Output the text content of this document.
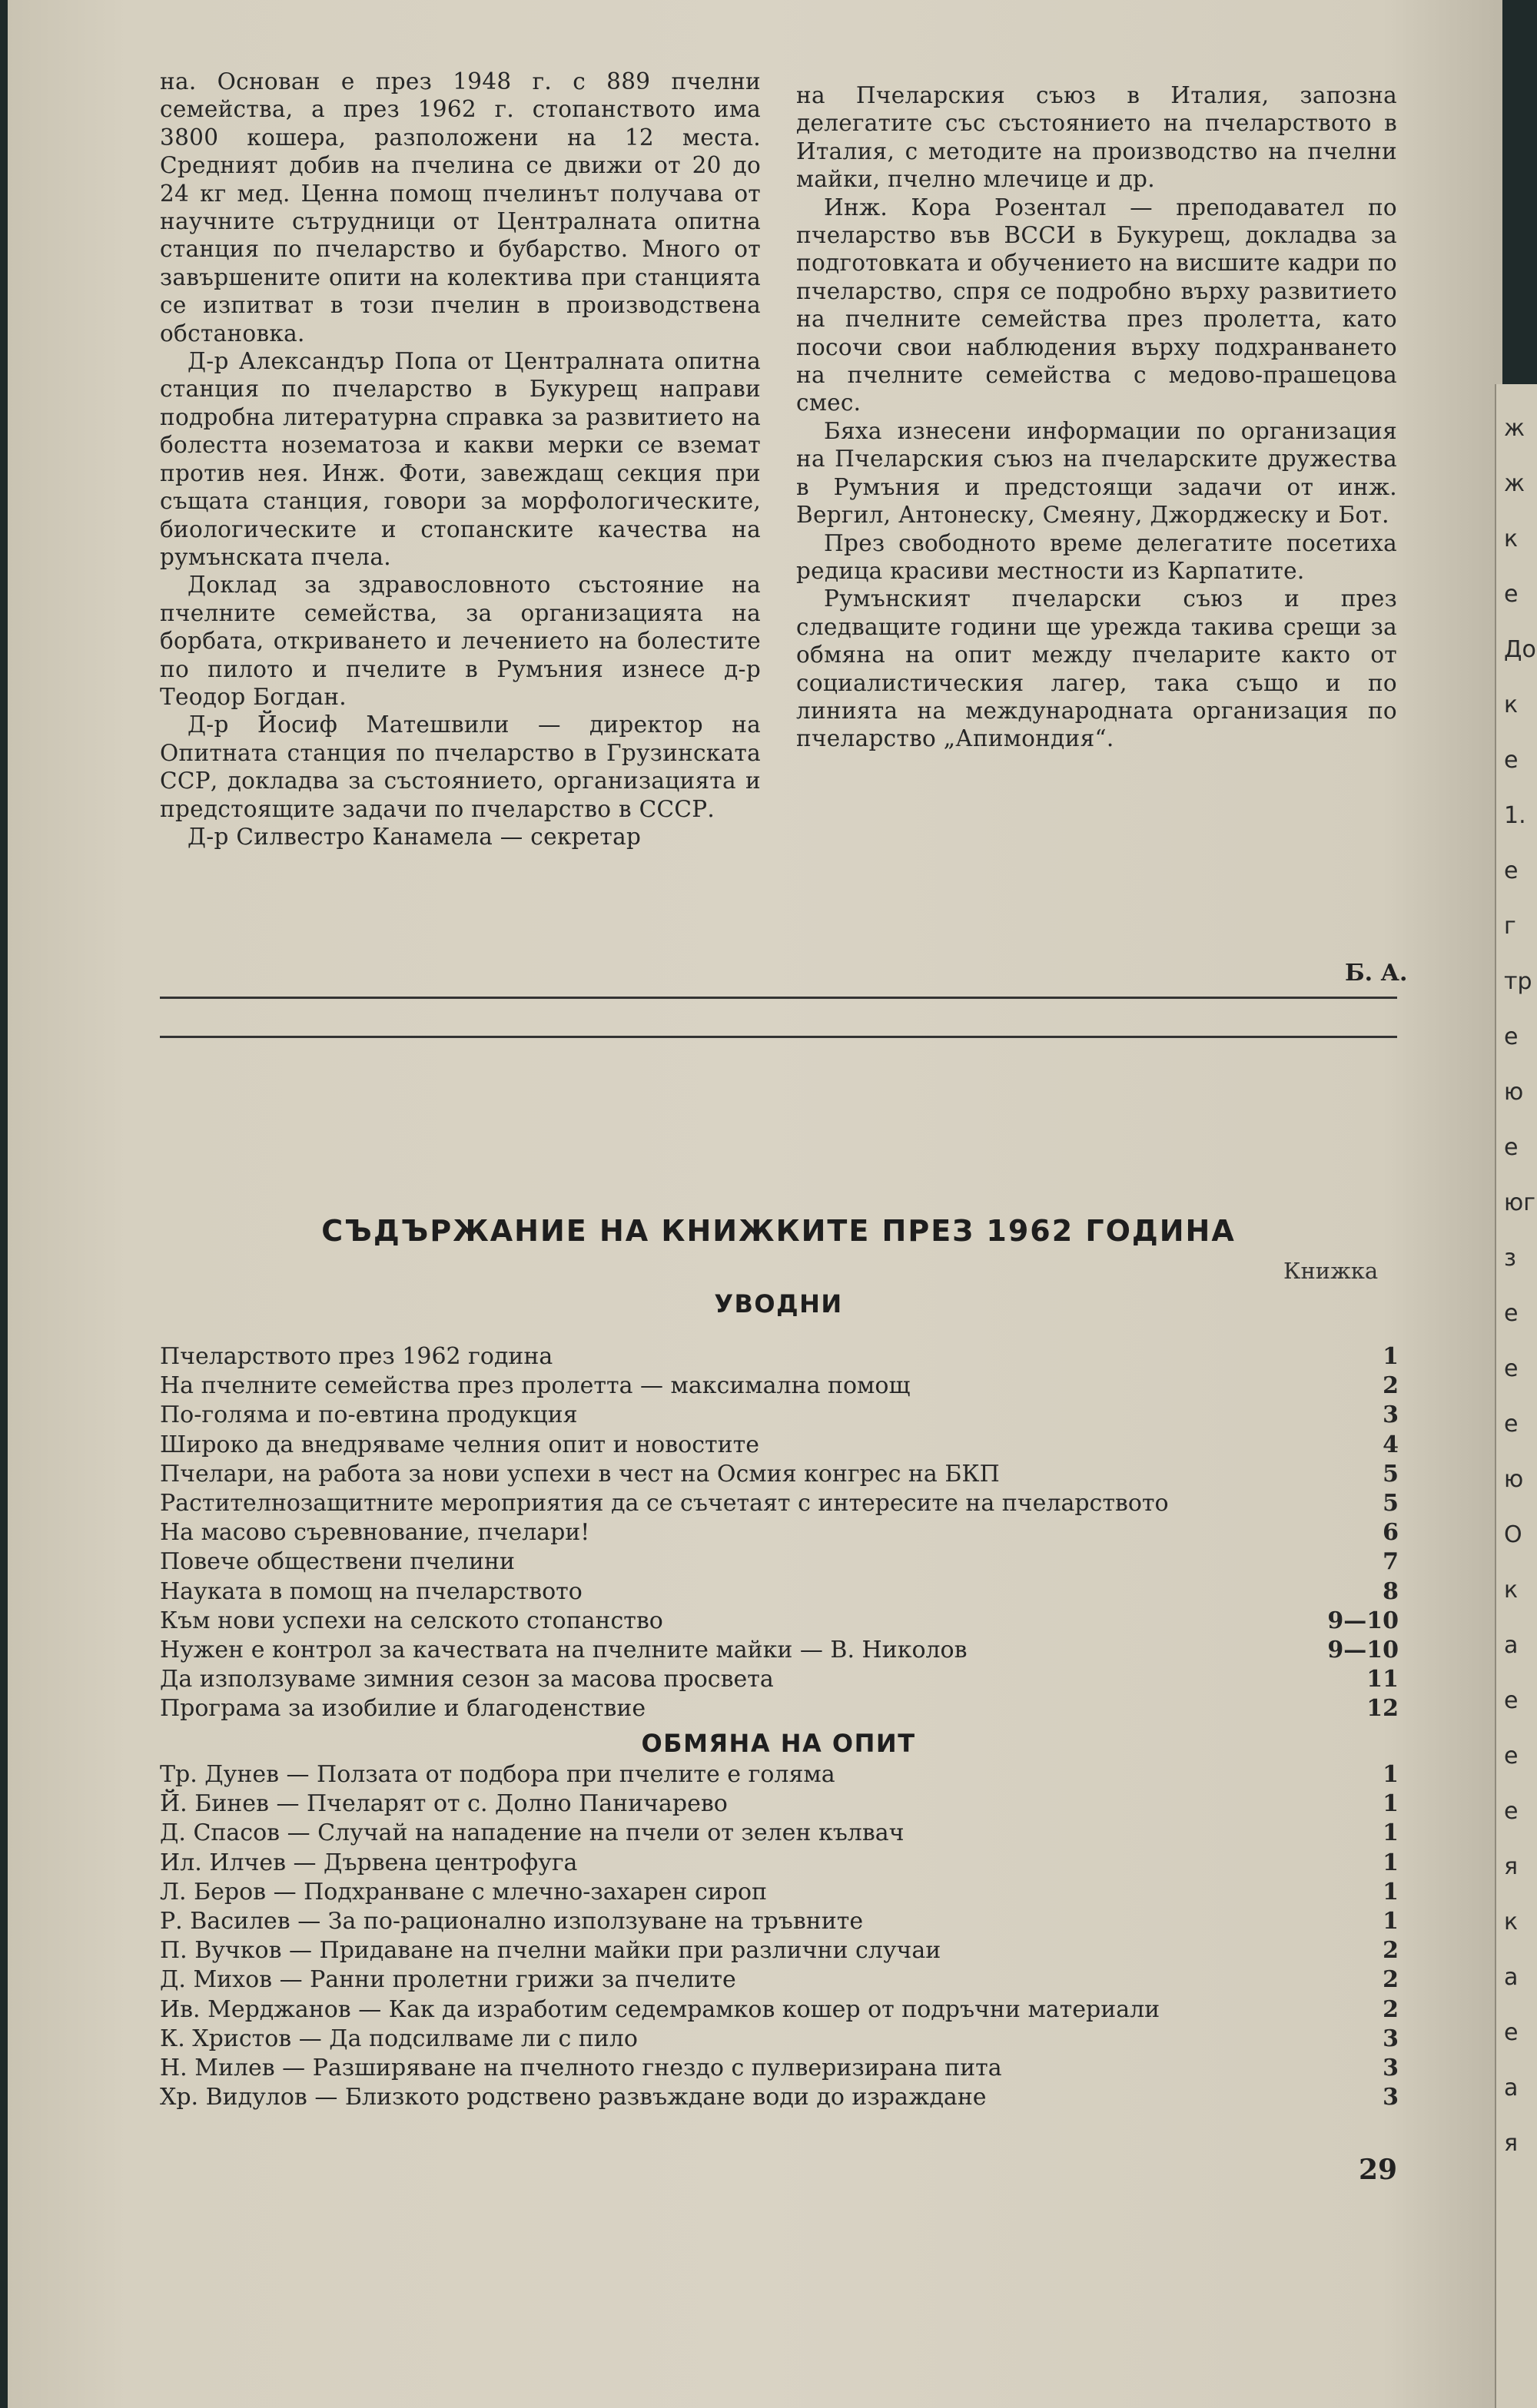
на. Основан е през 1948 г. с 889 пчелни семейства, а през 1962 г. стопанството има 3800 кошера, разположени на 12 места. Средният добив на пчелина се движи от 20 до 24 кг мед. Ценна помощ пчелинът получава от научните сътрудници от Централната опитна станция по пчеларство и бубарство. Много от завършените опити на колектива при станцията се изпитват в този пчелин в производствена обстановка.

Д-р Александър Попа от Централната опитна станция по пчеларство в Букурещ направи подробна литературна справка за развитието на болестта нозематоза и какви мерки се вземат против нея. Инж. Фоти, завеждащ секция при същата станция, говори за морфологическите, биологическите и стопанските качества на румънската пчела.

Доклад за здравословното състояние на пчелните семейства, за организацията на борбата, откриването и лечението на болестите по пилото и пчелите в Румъния изнесе д-р Теодор Богдан.

Д-р Йосиф Матешвили — директор на Опитната станция по пчеларство в Грузинската ССР, докладва за състоянието, организацията и предстоящите задачи по пчеларство в СССР.

Д-р Силвестро Канамела — секретар

на Пчеларския съюз в Италия, запозна делегатите със състоянието на пчеларството в Италия, с методите на производство на пчелни майки, пчелно млечице и др.

Инж. Кора Розентал — преподавател по пчеларство във ВССИ в Букурещ, докладва за подготовката и обучението на висшите кадри по пчеларство, спря се подробно върху развитието на пчелните семейства през пролетта, като посочи свои наблюдения върху подхранването на пчелните семейства с медово-прашецова смес.

Бяха изнесени информации по организация на Пчеларския съюз на пчеларските дружества в Румъния и предстоящи задачи от инж. Вергил, Антонеску, Смеяну, Джорджеску и Бот.

През свободното време делегатите посетиха редица красиви местности из Карпатите.

Румънският пчеларски съюз и през следващите години ще урежда такива срещи за обмяна на опит между пчеларите както от социалистическия лагер, така също и по линията на международната организация по пчеларство „Апимондия“.

Б. А.
СЪДЪРЖАНИЕ НА КНИЖКИТЕ ПРЕЗ 1962 ГОДИНА
Книжка
УВОДНИ
Пчеларството през 1962 година	1
На пчелните семейства през пролетта — максимална помощ	2
По-голяма и по-евтина продукция	3
Широко да внедряваме челния опит и новостите	4
Пчелари, на работа за нови успехи в чест на Осмия конгрес на БКП	5
Растителнозащитните мероприятия да се съчетаят с интересите на пчеларството	5
На масово съревнование, пчелари!	6
Повече обществени пчелини	7
Науката в помощ на пчеларството	8
Към нови успехи на селското стопанство	9—10
Нужен е контрол за качествата на пчелните майки — В. Николов	9—10
Да използуваме зимния сезон за масова просвета	11
Програма за изобилие и благоденствие	12
ОБМЯНА НА ОПИТ
Тр. Дунев — Ползата от подбора при пчелите е голяма	1
Й. Бинев — Пчеларят от с. Долно Паничарево	1
Д. Спасов — Случай на нападение на пчели от зелен кълвач	1
Ил. Илчев — Дървена центрофуга	1
Л. Беров — Подхранване с млечно-захарен сироп	1
Р. Василев — За по-рационално използуване на тръвните	1
П. Вучков — Придаване на пчелни майки при различни случаи	2
Д. Михов — Ранни пролетни грижи за пчелите	2
Ив. Мерджанов — Как да изработим седемрамков кошер от подръчни материали	2
К. Христов — Да подсилваме ли с пило	3
Н. Милев — Разширяване на пчелното гнездо с пулверизирана пита	3
Хр. Видулов — Близкото родствено развъждане води до израждане	3
29
ж
ж
к
е
До
к
е
1.
е
г
тр
е
ю
е
юг
з
е
е
е
ю
О
к
а
е
е
е
я
к
а
е
а
я
